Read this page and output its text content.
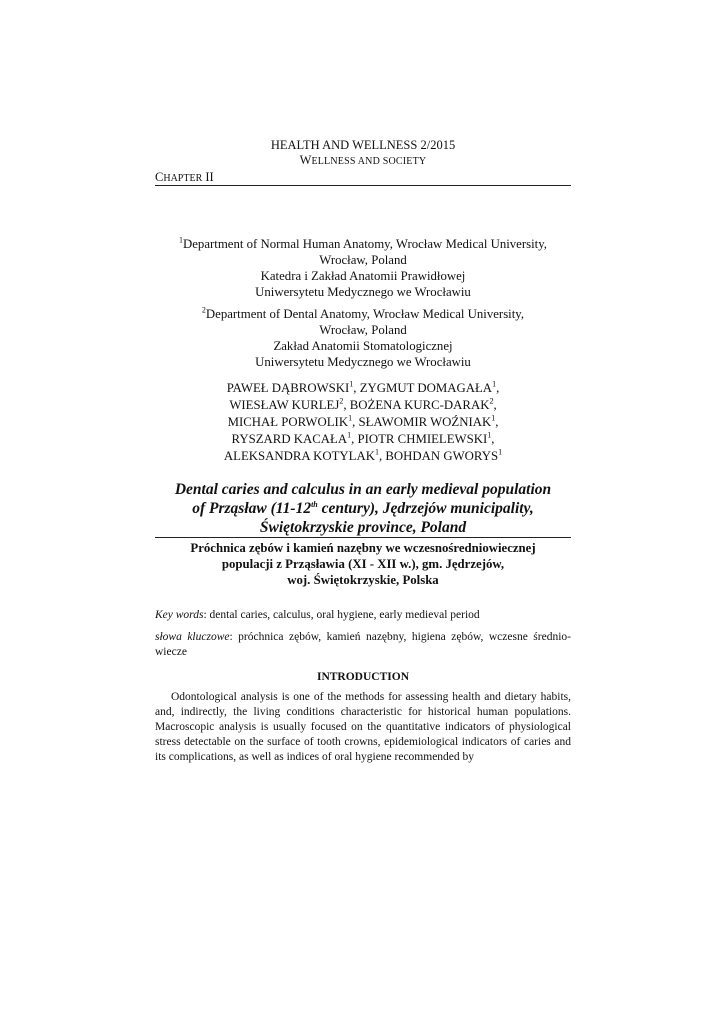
HEALTH AND WELLNESS 2/2015
WELLNESS AND SOCIETY
CHAPTER II
$^1$Department of Normal Human Anatomy, Wrocław Medical University,
Wrocław, Poland
Katedra i Zakład Anatomii Prawidłowej
Uniwersytetu Medycznego we Wrocławiu
$^2$Department of Dental Anatomy, Wrocław Medical University,
Wrocław, Poland
Zakład Anatomii Stomatologicznej
Uniwersytetu Medycznego we Wrocławiu
PAWEŁ DĄBROWSKI$^1$, ZYGMUT DOMAGAŁA$^1$,
WIESŁAW KURLEJ$^2$, BOŻENA KURC-DARAK$^2$,
MICHAŁ PORWOLIK$^1$, SŁAWOMIR WOŹNIAK$^1$,
RYSZARD KACAŁA$^1$, PIOTR CHMIELEWSKI$^1$,
ALEKSANDRA KOTYLAK$^1$, BOHDAN GWORYS$^1$
Dental caries and calculus in an early medieval population
of Prząsław (11-12th century), Jędrzejów municipality,
Świętokrzyskie province, Poland
Próchnica zębów i kamień nazębny we wczesnośredniowiecznej
populacji z Prząsławia (XI - XII w.), gm. Jędrzejów,
woj. Świętokrzyskie, Polska
Key words: dental caries, calculus, oral hygiene, early medieval period
słowa kluczowe: próchnica zębów, kamień nazębny, higiena zębów, wczesne średnio-wiecze
INTRODUCTION
Odontological analysis is one of the methods for assessing health and dietary habits, and, indirectly, the living conditions characteristic for historical human populations. Macroscopic analysis is usually focused on the quantitative indicators of physiological stress detectable on the surface of tooth crowns, epidemiological indicators of caries and its complications, as well as indices of oral hygiene recommended by
